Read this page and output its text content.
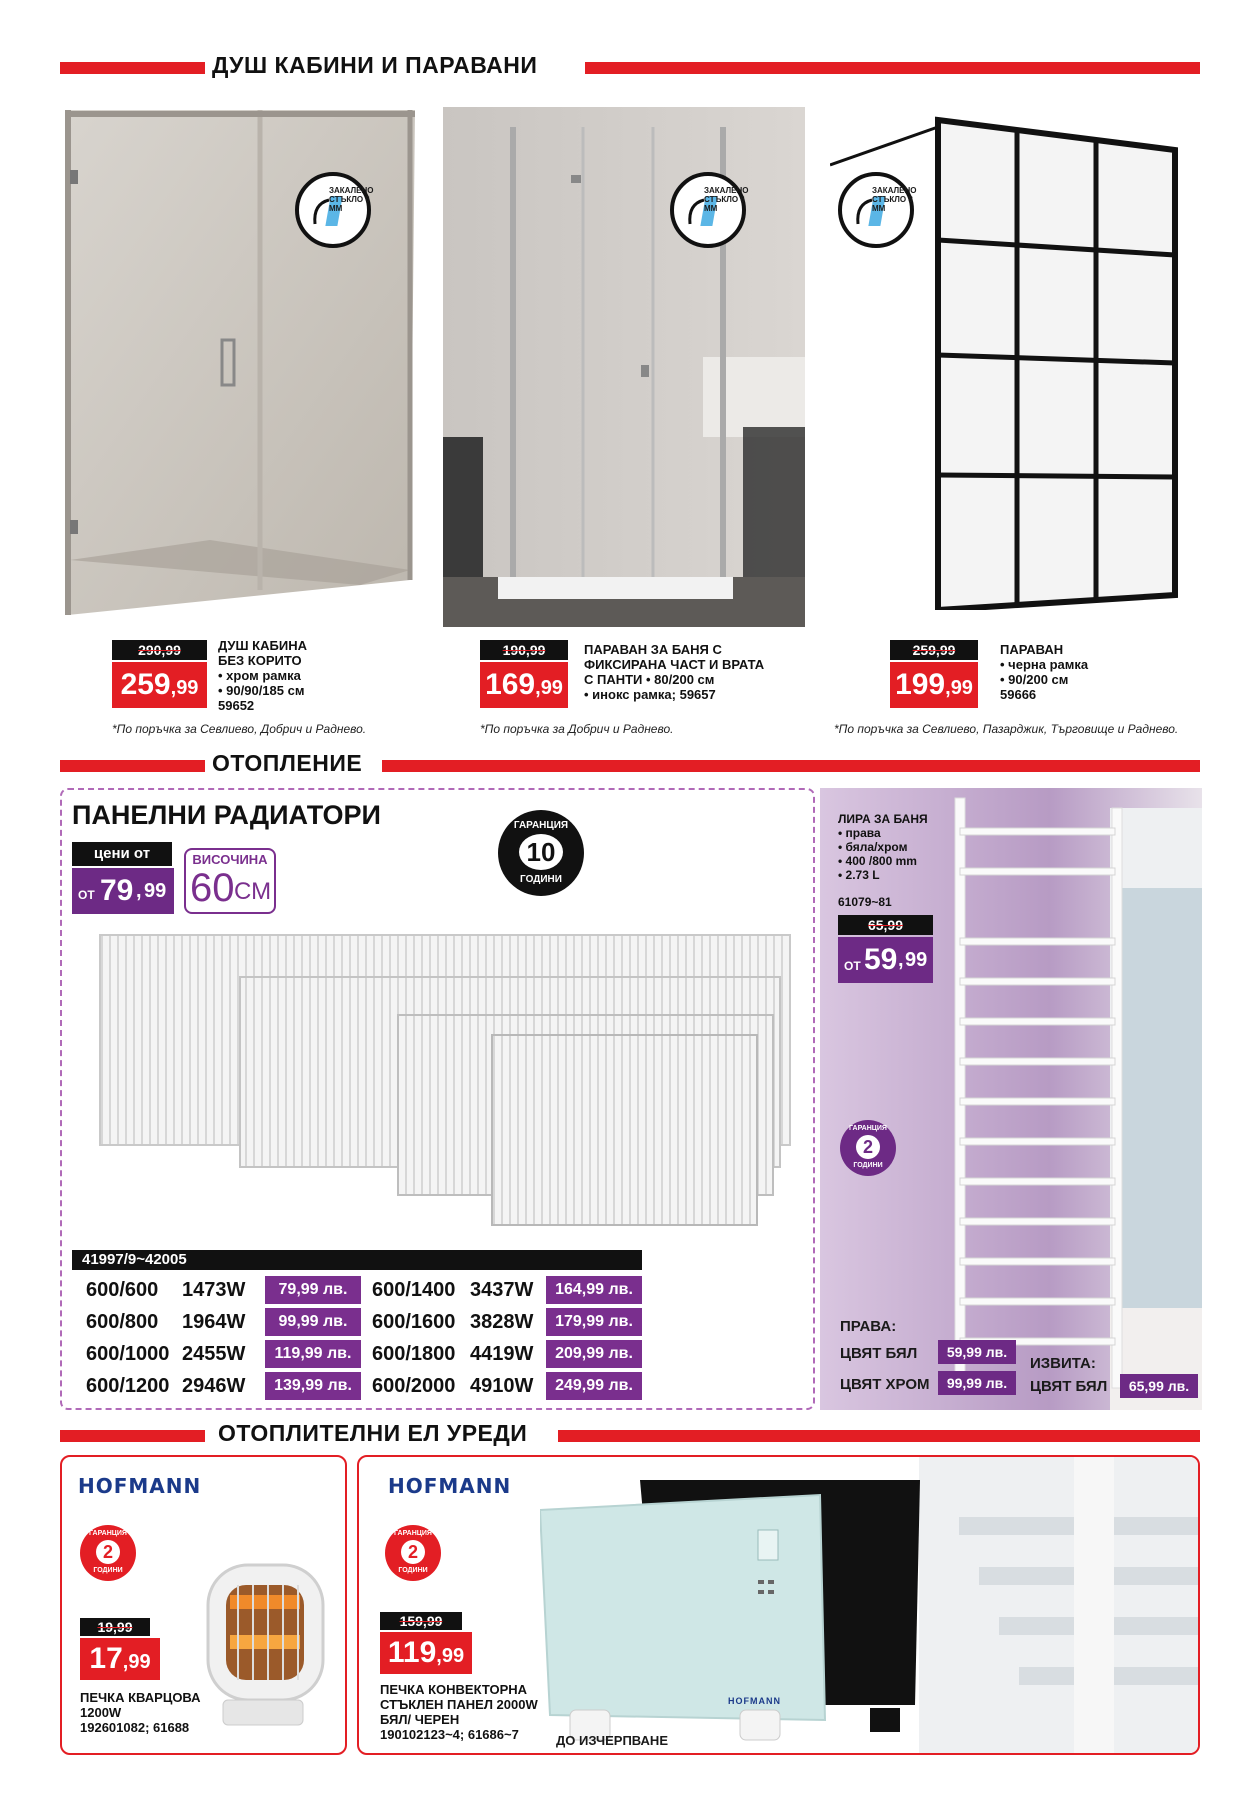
ДУШ КАБИНИ И ПАРАВАНИ
ЗАКАЛЕНО СТЪКЛО 6 ММ
ЗАКАЛЕНО СТЪКЛО 6 ММ
ЗАКАЛЕНО СТЪКЛО 8 ММ
290,99
259,99
ДУШ КАБИНА
БЕЗ КОРИТО
• хром рамка
• 90/90/185 см
59652
*По поръчка за Севлиево, Добрич и Раднево.
190,99
169,99
ПАРАВАН ЗА БАНЯ С
ФИКСИРАНА ЧАСТ И ВРАТА
С ПАНТИ • 80/200 см
• инокс рамка; 59657
*По поръчка за Добрич и Раднево.
259,99
199,99
ПАРАВАН
• черна рамка
• 90/200 см
59666
*По поръчка за Севлиево, Пазарджик, Търговище и Раднево.
ОТОПЛЕНИЕ
ПАНЕЛНИ РАДИАТОРИ
цени от
ОТ 79 , 99
ВИСОЧИНА
60 СМ
ГАРАНЦИЯ
10
ГОДИНИ
41997/9~42005
600/600 1473W	79,99 лв.	600/1400 3437W	164,99 лв.
600/800 1964W	99,99 лв.	600/1600 3828W	179,99 лв.
600/1000 2455W	119,99 лв.	600/1800 4419W	209,99 лв.
600/1200 2946W	139,99 лв.	600/2000 4910W	249,99 лв.
ЛИРА ЗА БАНЯ
• права
• бяла/хром
• 400 /800 mm
• 2.73 L
61079~81
65,99
ОТ 59 , 99
ГАРАНЦИЯ
2
ГОДИНИ
ПРАВА:
ЦВЯТ БЯЛ	59,99 лв.
ЦВЯТ ХРОМ	99,99 лв.
ИЗВИТА:
ЦВЯТ БЯЛ	65,99 лв.
ОТОПЛИТЕЛНИ ЕЛ УРЕДИ
HOFMANN
ГАРАНЦИЯ
2
ГОДИНИ
19,99
17,99
ПЕЧКА КВАРЦОВА
1200W
192601082; 61688
HOFMANN
ГАРАНЦИЯ
2
ГОДИНИ
HOFMANN
159,99
119,99
ПЕЧКА КОНВЕКТОРНА
СТЪКЛЕН ПАНЕЛ 2000W
БЯЛ/ ЧЕРЕН
190102123~4; 61686~7	ДО ИЗЧЕРПВАНЕ
